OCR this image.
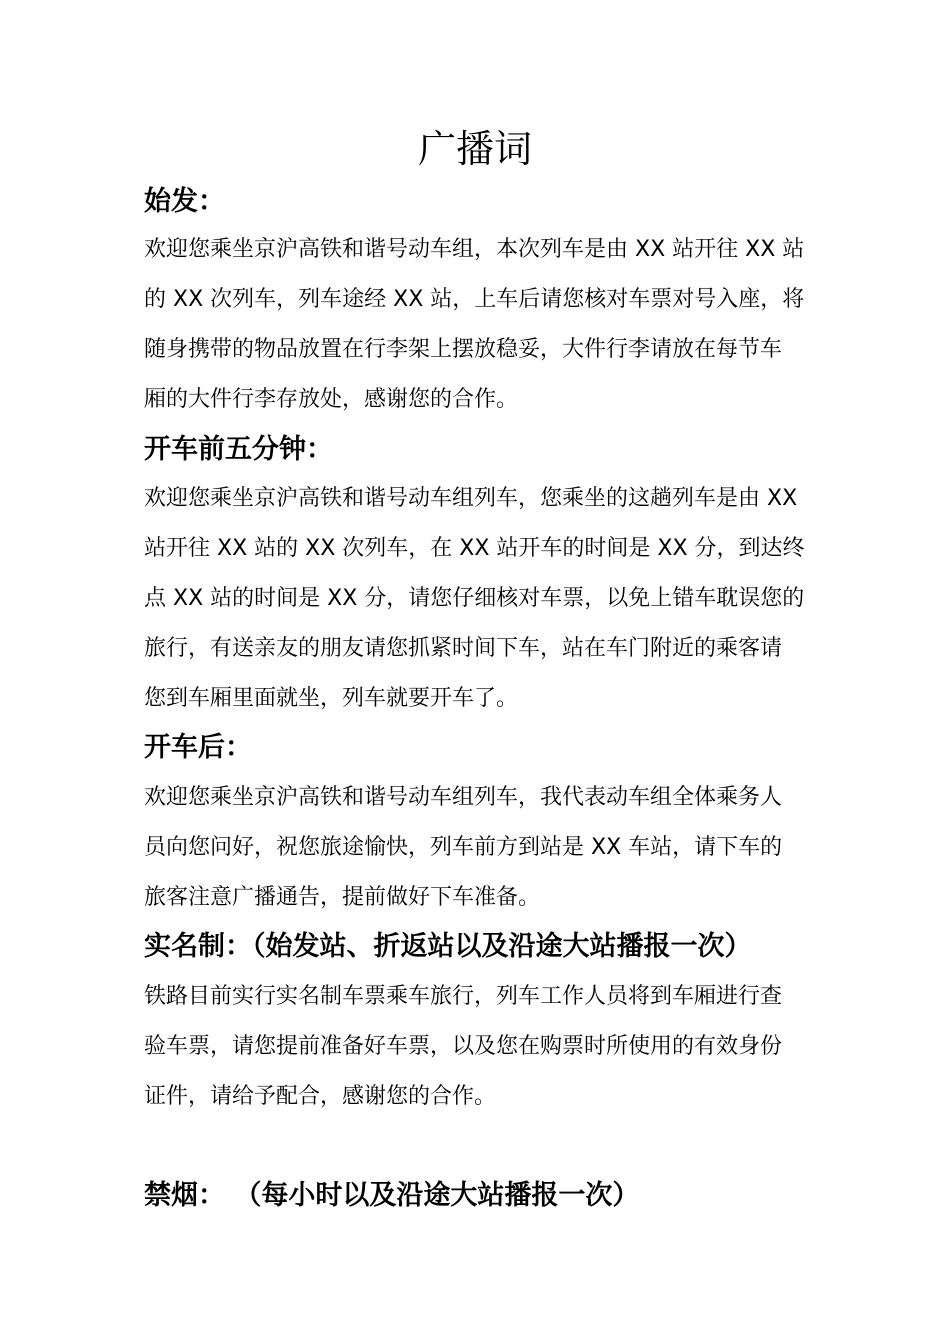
广播词
始发：

欢迎您乘坐京沪高铁和谐号动车组，本次列车是由 XX 站开往 XX 站
的 XX 次列车，列车途经 XX 站，上车后请您核对车票对号入座，将
随身携带的物品放置在行李架上摆放稳妥，大件行李请放在每节车
厢的大件行李存放处，感谢您的合作。

开车前五分钟：

欢迎您乘坐京沪高铁和谐号动车组列车，您乘坐的这趟列车是由 XX
站开往 XX 站的 XX 次列车，在 XX 站开车的时间是 XX 分，到达终
点 XX 站的时间是 XX 分，请您仔细核对车票，以免上错车耽误您的
旅行，有送亲友的朋友请您抓紧时间下车，站在车门附近的乘客请
您到车厢里面就坐，列车就要开车了。

开车后：

欢迎您乘坐京沪高铁和谐号动车组列车，我代表动车组全体乘务人
员向您问好，祝您旅途愉快，列车前方到站是 XX 车站，请下车的
旅客注意广播通告，提前做好下车准备。

实名制：（始发站、折返站以及沿途大站播报一次）

铁路目前实行实名制车票乘车旅行，列车工作人员将到车厢进行查
验车票，请您提前准备好车票，以及您在购票时所使用的有效身份
证件，请给予配合，感谢您的合作。

禁烟： （每小时以及沿途大站播报一次）
